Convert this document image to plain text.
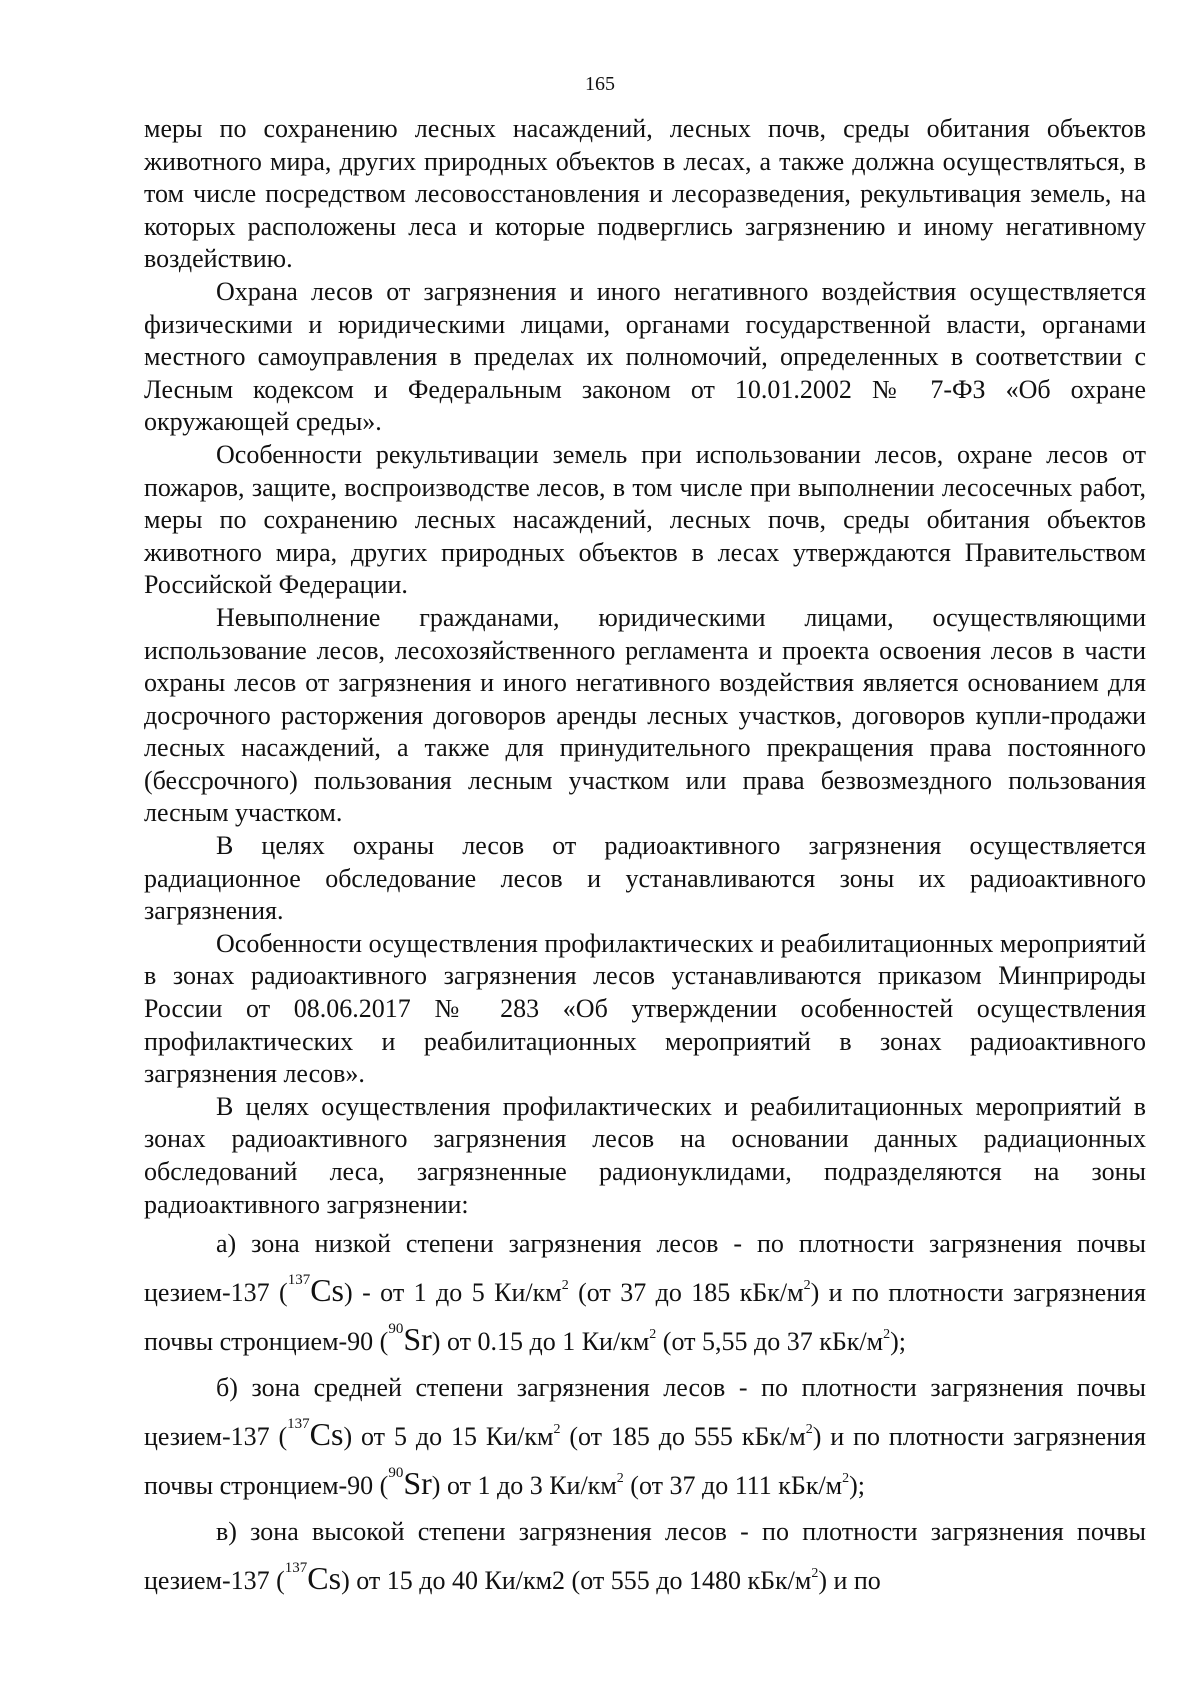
165

меры по сохранению лесных насаждений, лесных почв, среды обитания объектов животного мира, других природных объектов в лесах, а также должна осуществляться, в том числе посредством лесовосстановления и лесоразведения, рекультивация земель, на которых расположены леса и которые подверглись загрязнению и иному негативному воздействию.

Охрана лесов от загрязнения и иного негативного воздействия осуществляется физическими и юридическими лицами, органами государственной власти, органами местного самоуправления в пределах их полномочий, определенных в соответствии с Лесным кодексом и Федеральным законом от 10.01.2002 № 7-ФЗ «Об охране окружающей среды».

Особенности рекультивации земель при использовании лесов, охране лесов от пожаров, защите, воспроизводстве лесов, в том числе при выполнении лесосечных работ, меры по сохранению лесных насаждений, лесных почв, среды обитания объектов животного мира, других природных объектов в лесах утверждаются Правительством Российской Федерации.

Невыполнение гражданами, юридическими лицами, осуществляющими использование лесов, лесохозяйственного регламента и проекта освоения лесов в части охраны лесов от загрязнения и иного негативного воздействия является основанием для досрочного расторжения договоров аренды лесных участков, договоров купли-продажи лесных насаждений, а также для принудительного прекращения права постоянного (бессрочного) пользования лесным участком или права безвозмездного пользования лесным участком.

В целях охраны лесов от радиоактивного загрязнения осуществляется радиационное обследование лесов и устанавливаются зоны их радиоактивного загрязнения.

Особенности осуществления профилактических и реабилитационных мероприятий в зонах радиоактивного загрязнения лесов устанавливаются приказом Минприроды России от 08.06.2017 № 283 «Об утверждении особенностей осуществления профилактических и реабилитационных мероприятий в зонах радиоактивного загрязнения лесов».

В целях осуществления профилактических и реабилитационных мероприятий в зонах радиоактивного загрязнения лесов на основании данных радиационных обследований леса, загрязненные радионуклидами, подразделяются на зоны радиоактивного загрязнении:

а) зона низкой степени загрязнения лесов - по плотности загрязнения почвы цезием-137 ($^{137}$Cs) - от 1 до 5 $Ки/км^2$ (от 37 до 185 кБк/$м^2$) и по плотности загрязнения почвы стронцием-90 ($^{90}$Sr) от 0.15 до 1 $Ки/км^2$ (от 5,55 до 37 кБк/$м^2$);

б) зона средней степени загрязнения лесов - по плотности загрязнения почвы цезием-137 ($^{137}$Cs) от 5 до 15 $Ки/км^2$ (от 185 до 555 кБк/$м^2$) и по плотности загрязнения почвы стронцием-90 ($^{90}$Sr) от 1 до 3 $Ки/км^2$ (от 37 до 111 кБк/$м^2$);

в) зона высокой степени загрязнения лесов - по плотности загрязнения почвы цезием-137 ($^{137}$Cs) от 15 до 40 Ки/км2 (от 555 до 1480 кБк/$м^2$) и по
